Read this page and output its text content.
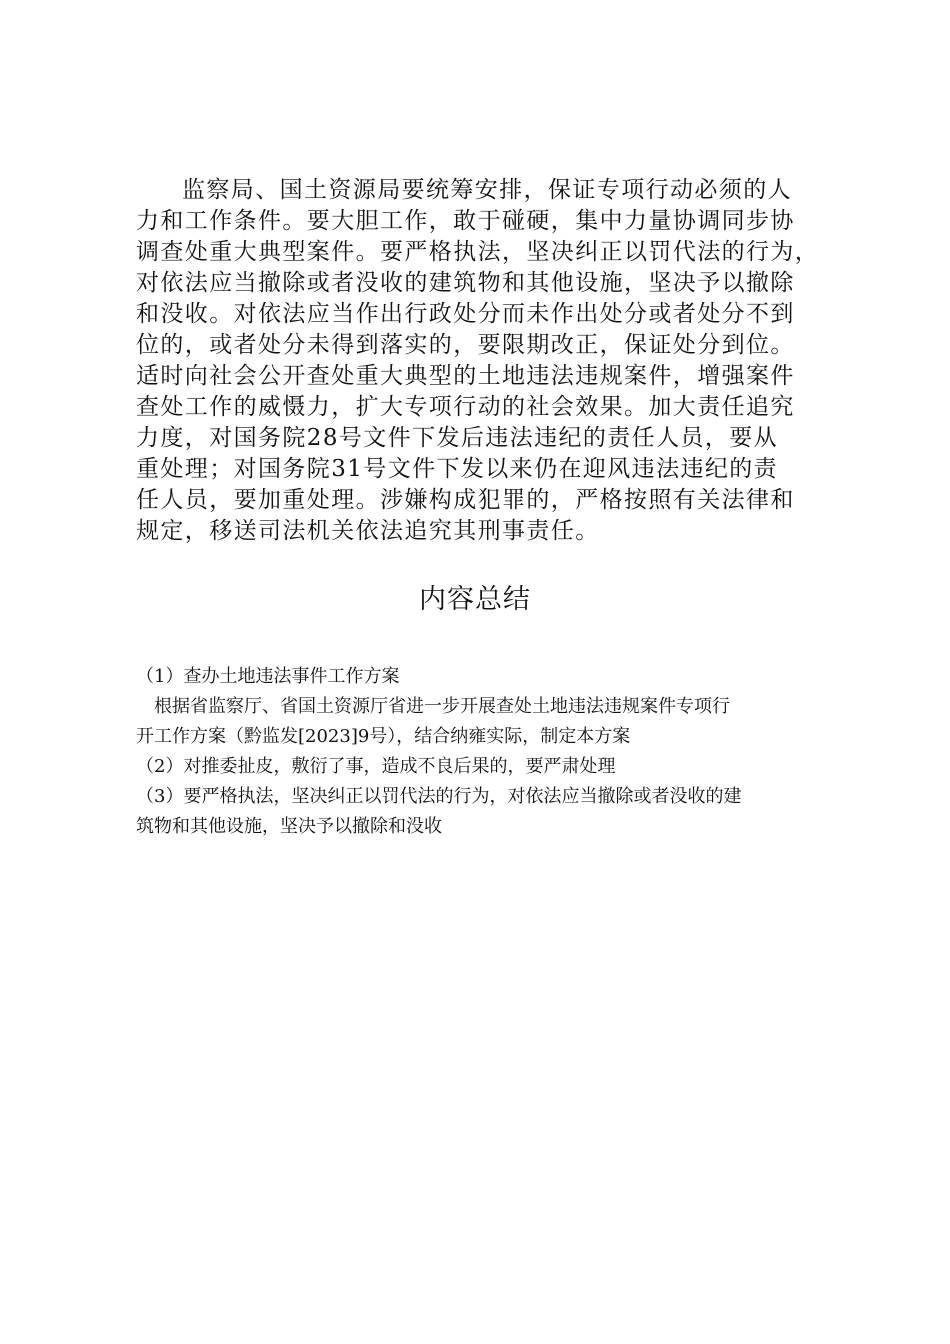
监察局、国土资源局要统筹安排，保证专项行动必须的人
力和工作条件。要大胆工作，敢于碰硬，集中力量协调同步协
调查处重大典型案件。要严格执法，坚决纠正以罚代法的行为，
对依法应当撤除或者没收的建筑物和其他设施，坚决予以撤除
和没收。对依法应当作出行政处分而未作出处分或者处分不到
位的，或者处分未得到落实的，要限期改正，保证处分到位。
适时向社会公开查处重大典型的土地违法违规案件，增强案件
查处工作的威慑力，扩大专项行动的社会效果。加大责任追究
力度，对国务院28号文件下发后违法违纪的责任人员，要从
重处理；对国务院31号文件下发以来仍在迎风违法违纪的责
任人员，要加重处理。涉嫌构成犯罪的，严格按照有关法律和
规定，移送司法机关依法追究其刑事责任。
内容总结
（1）查办土地违法事件工作方案
根据省监察厅、省国土资源厅省进一步开展查处土地违法违规案件专项行
开工作方案（黔监发[2023]9号），结合纳雍实际，制定本方案
（2）对推委扯皮，敷衍了事，造成不良后果的，要严肃处理
（3）要严格执法，坚决纠正以罚代法的行为，对依法应当撤除或者没收的建
筑物和其他设施，坚决予以撤除和没收
